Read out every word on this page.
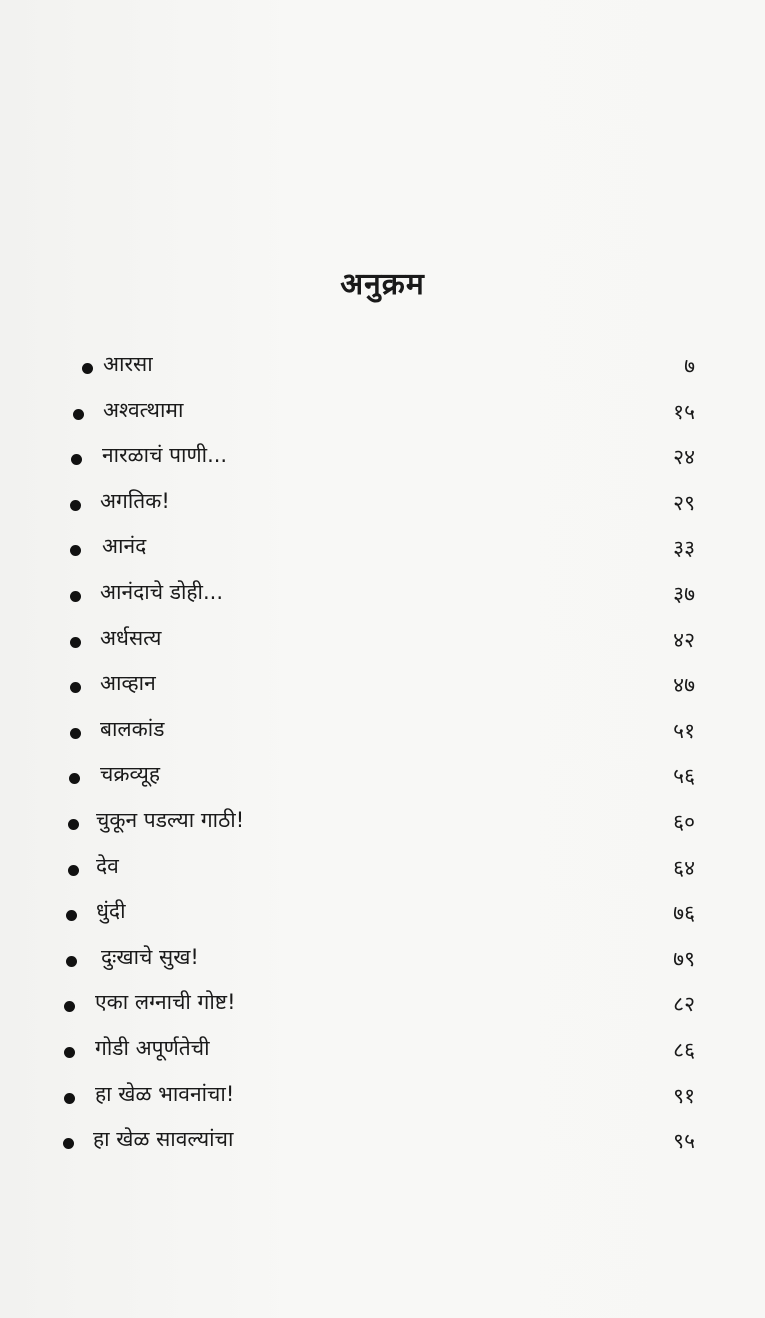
अनुक्रम
आरसा	७
अश्वत्थामा	१५
नारळाचं पाणी...	२४
अगतिक!	२९
आनंद	३३
आनंदाचे डोही...	३७
अर्धसत्य	४२
आव्हान	४७
बालकांड	५१
चक्रव्यूह	५६
चुकून पडल्या गाठी!	६०
देव	६४
धुंदी	७६
दुःखाचे सुख!	७९
एका लग्नाची गोष्ट!	८२
गोडी अपूर्णतेची	८६
हा खेळ भावनांचा!	९१
हा खेळ सावल्यांचा	९५
